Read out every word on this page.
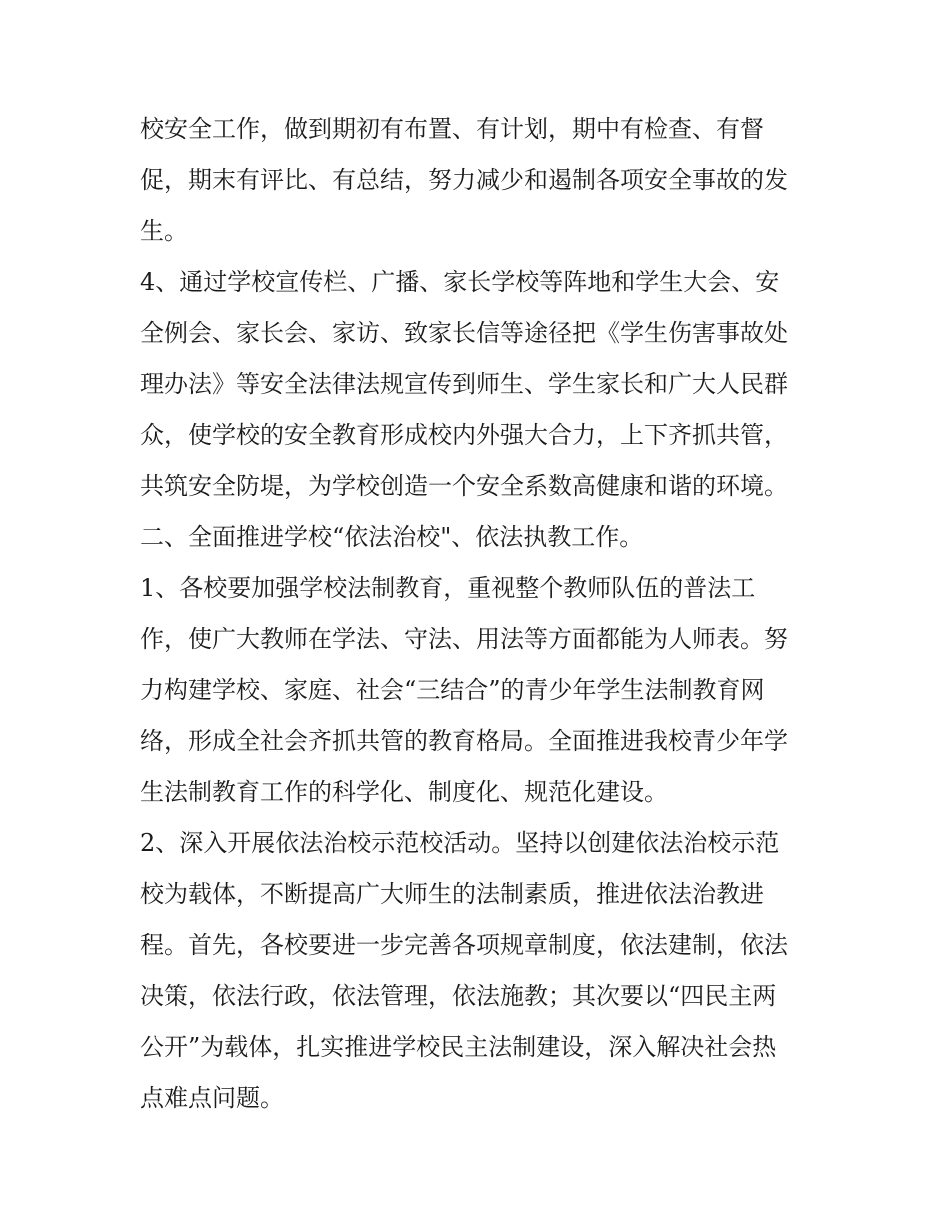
校安全工作，做到期初有布置、有计划，期中有检查、有督
促，期末有评比、有总结，努力减少和遏制各项安全事故的发
生。
4、通过学校宣传栏、广播、家长学校等阵地和学生大会、安
全例会、家长会、家访、致家长信等途径把《学生伤害事故处
理办法》等安全法律法规宣传到师生、学生家长和广大人民群
众，使学校的安全教育形成校内外强大合力，上下齐抓共管，
共筑安全防堤，为学校创造一个安全系数高健康和谐的环境。
二、全面推进学校“依法治校"、依法执教工作。
1、各校要加强学校法制教育，重视整个教师队伍的普法工
作，使广大教师在学法、守法、用法等方面都能为人师表。努
力构建学校、家庭、社会“三结合”的青少年学生法制教育网
络，形成全社会齐抓共管的教育格局。全面推进我校青少年学
生法制教育工作的科学化、制度化、规范化建设。
2、深入开展依法治校示范校活动。坚持以创建依法治校示范
校为载体，不断提高广大师生的法制素质，推进依法治教进
程。首先，各校要进一步完善各项规章制度，依法建制，依法
决策，依法行政，依法管理，依法施教；其次要以“四民主两
公开”为载体，扎实推进学校民主法制建设，深入解决社会热
点难点问题。
